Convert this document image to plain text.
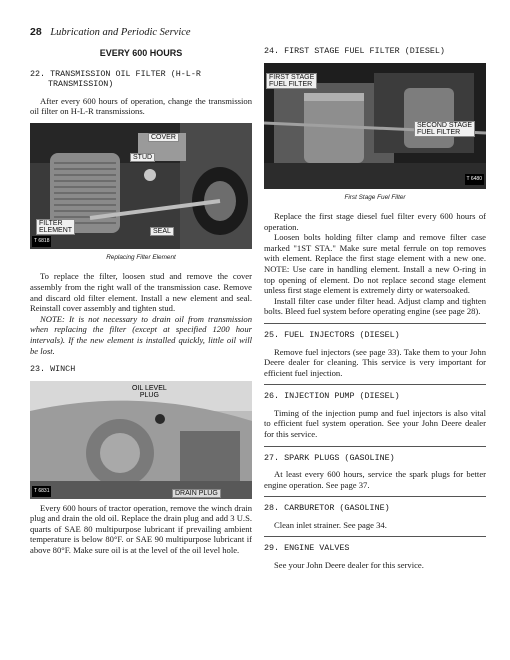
28 Lubrication and Periodic Service
EVERY 600 HOURS
22. TRANSMISSION OIL FILTER (H-L-R
TRANSMISSION)

After every 600 hours of operation, change the transmission oil filter on H-L-R transmissions.

COVER
STUD
FILTER
ELEMENT	SEAL
T 6818
Replacing Filter Element

To replace the filter, loosen stud and remove the cover assembly from the right wall of the transmission case. Remove and discard old filter element. Install a new element and seal. Reinstall cover assembly and tighten stud.

NOTE: It is not necessary to drain oil from transmission when replacing the filter (except at specified 1200 hour intervals). If the new element is installed quickly, little oil will be lost.

23. WINCH
OIL LEVEL
PLUG
DRAIN PLUG
T 6831

Every 600 hours of tractor operation, remove the winch drain plug and drain the old oil. Replace the drain plug and add 3 U.S. quarts of SAE 80 multipurpose lubricant if prevailing ambient temperature is below 80°F. or SAE 90 multipurpose lubricant if above 80°F. Make sure oil is at the level of the oil level hole.

24. FIRST STAGE FUEL FILTER (DIESEL)
FIRST STAGE
FUEL FILTER
SECOND STAGE
FUEL FILTER
T 6480
First Stage Fuel Filter

Replace the first stage diesel fuel filter every 600 hours of operation.

Loosen bolts holding filter clamp and remove filter case marked "1ST STA." Make sure metal ferrule on top removes with element. Replace the first stage element with a new one. NOTE: Use care in handling element. Install a new O-ring in top opening of element. Do not replace second stage element unless first stage element is extremely dirty or watersoaked.

Install filter case under filter head. Adjust clamp and tighten bolts. Bleed fuel system before operating engine (see page 28).

25. FUEL INJECTORS (DIESEL)

Remove fuel injectors (see page 33). Take them to your John Deere dealer for cleaning. This service is very important for efficient fuel injection.

26. INJECTION PUMP (DIESEL)

Timing of the injection pump and fuel injectors is also vital to efficient fuel system operation. See your John Deere dealer for this service.

27. SPARK PLUGS (GASOLINE)

At least every 600 hours, service the spark plugs for better engine operation. See page 37.

28. CARBURETOR (GASOLINE)

Clean inlet strainer. See page 34.

29. ENGINE VALVES

See your John Deere dealer for this service.
